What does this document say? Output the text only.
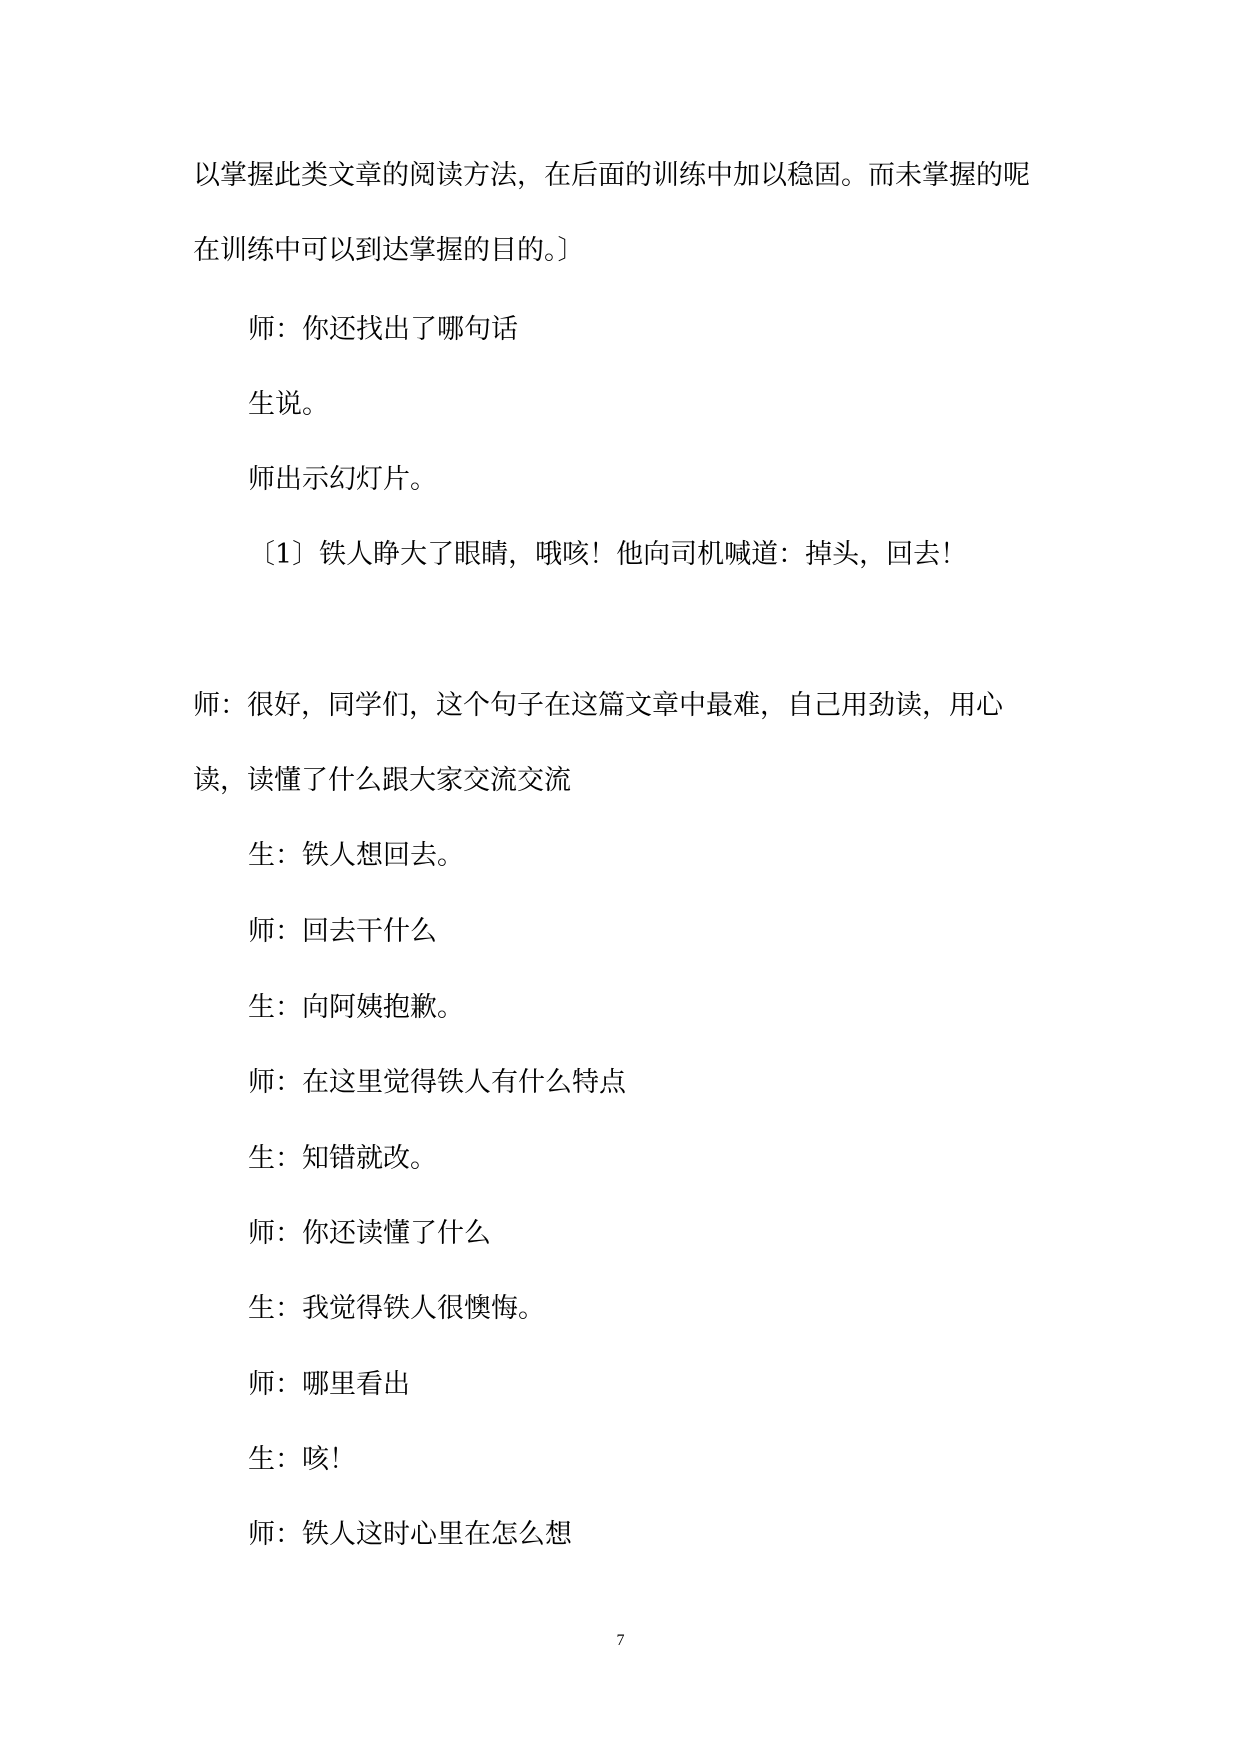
以掌握此类文章的阅读方法，在后面的训练中加以稳固。而未掌握的呢在训练中可以到达掌握的目的。〕

师：你还找出了哪句话

生说。

师出示幻灯片。

〔1〕铁人睁大了眼睛，哦咳！他向司机喊道：掉头，回去！

师：很好，同学们，这个句子在这篇文章中最难，自己用劲读，用心读，读懂了什么跟大家交流交流

生：铁人想回去。

师：回去干什么

生：向阿姨抱歉。

师：在这里觉得铁人有什么特点

生：知错就改。

师：你还读懂了什么

生：我觉得铁人很懊悔。

师：哪里看出

生：咳！

师：铁人这时心里在怎么想

7
